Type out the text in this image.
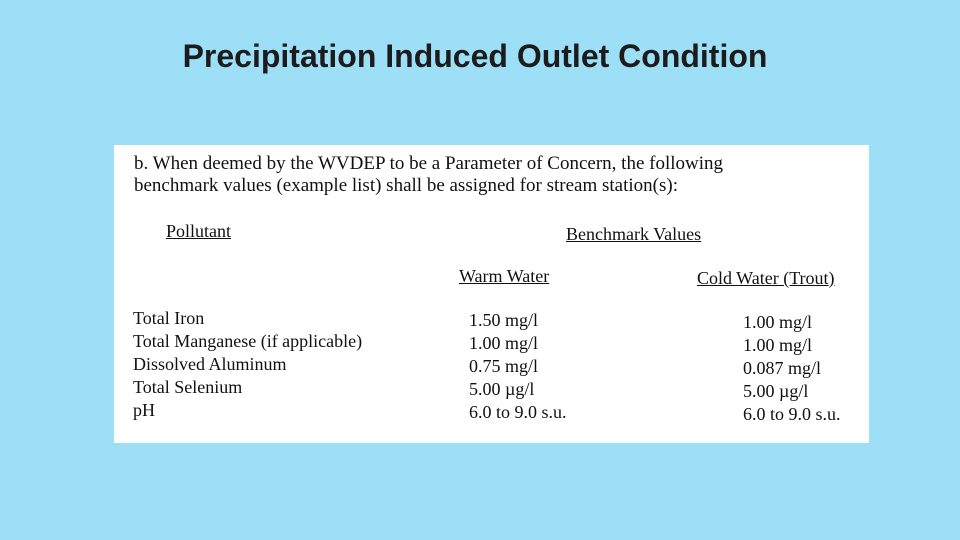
Precipitation Induced Outlet Condition

b. When deemed by the WVDEP to be a Parameter of Concern, the following
benchmark values (example list) shall be assigned for stream station(s):

Pollutant	Benchmark Values
Warm Water	Cold Water (Trout)
Total Iron
Total Manganese (if applicable)
Dissolved Aluminum
Total Selenium
pH
1.50 mg/l
1.00 mg/l
0.75 mg/l
5.00 µg/l
6.0 to 9.0 s.u.
1.00 mg/l
1.00 mg/l
0.087 mg/l
5.00 µg/l
6.0 to 9.0 s.u.
